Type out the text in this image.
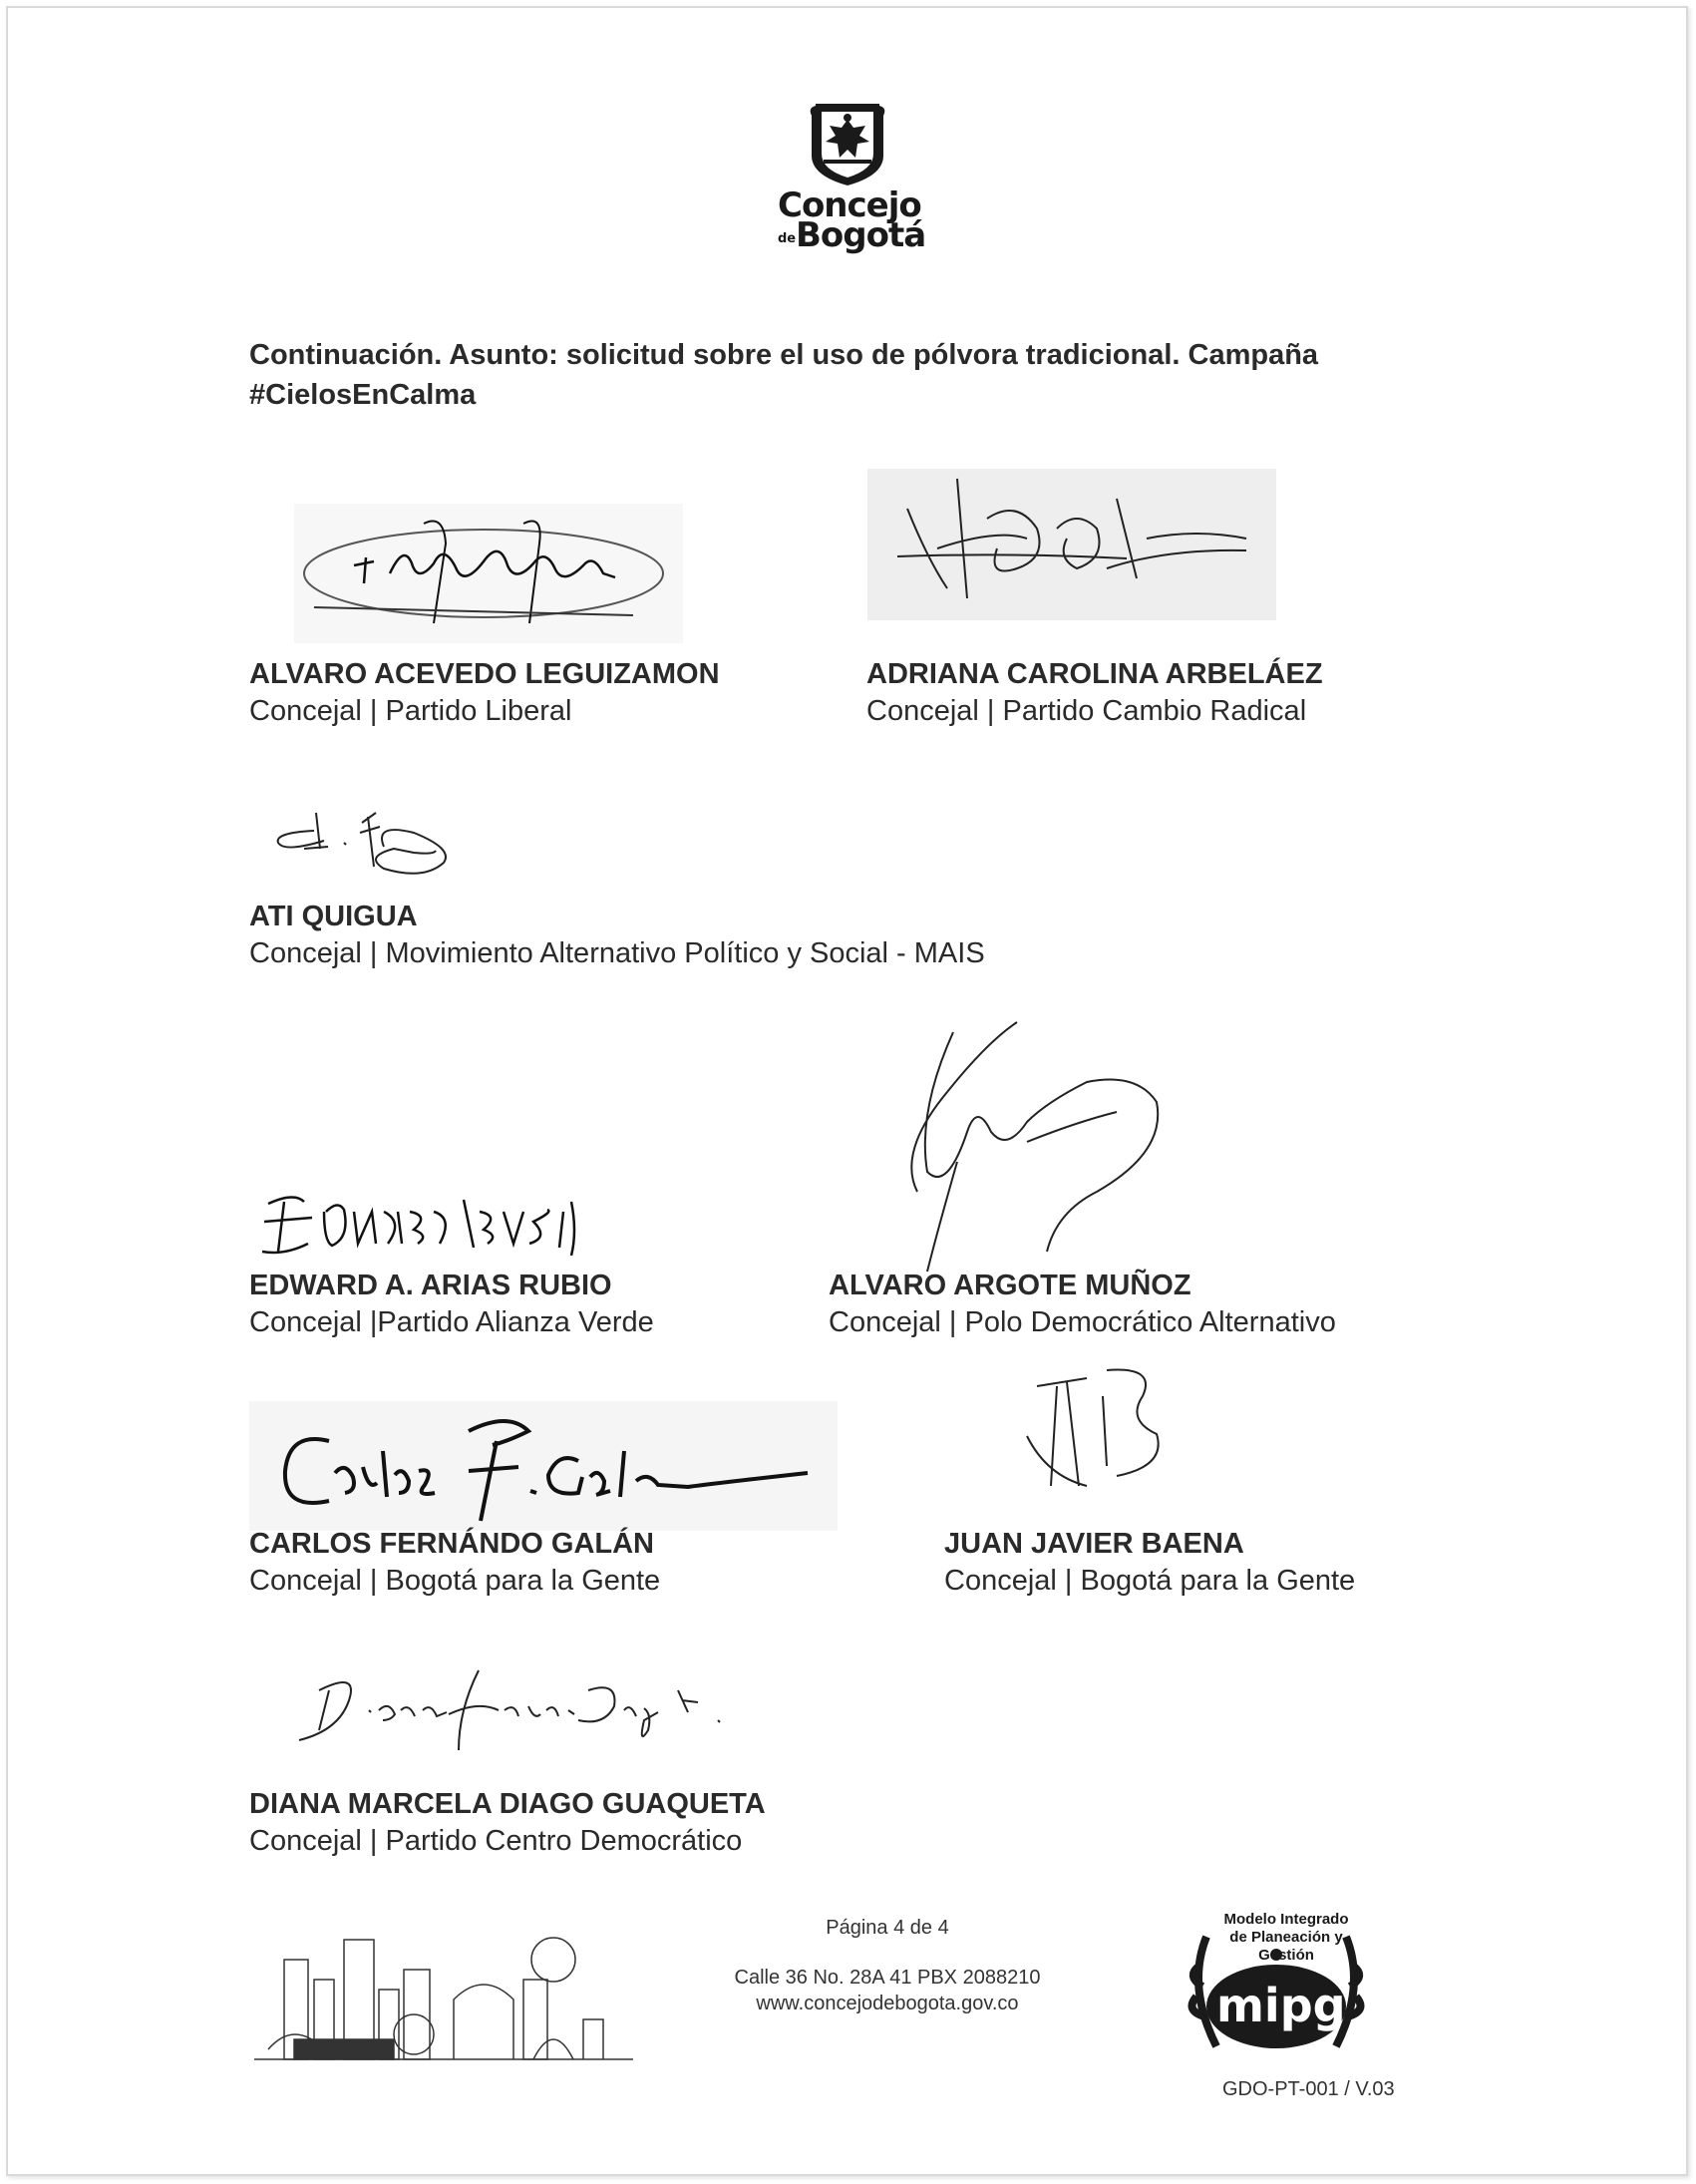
Concejo
de Bogotá
Continuación. Asunto: solicitud sobre el uso de pólvora tradicional. Campaña
#CielosEnCalma
ALVARO ACEVEDO LEGUIZAMON
Concejal | Partido Liberal
ADRIANA CAROLINA ARBELÁEZ
Concejal | Partido Cambio Radical
ATI QUIGUA
Concejal | Movimiento Alternativo Político y Social - MAIS
EDWARD A. ARIAS RUBIO
Concejal |Partido Alianza Verde
ALVARO ARGOTE MUÑOZ
Concejal | Polo Democrático Alternativo
CARLOS FERNÁNDO GALÁN
Concejal | Bogotá para la Gente
JUAN JAVIER BAENA
Concejal | Bogotá para la Gente
DIANA MARCELA DIAGO GUAQUETA
Concejal | Partido Centro Democrático
Página 4 de 4
Calle 36 No. 28A 41 PBX 2088210
www.concejodebogota.gov.co
Modelo Integrado
de Planeación y
Gestión
mipg
GDO-PT-001 / V.03
